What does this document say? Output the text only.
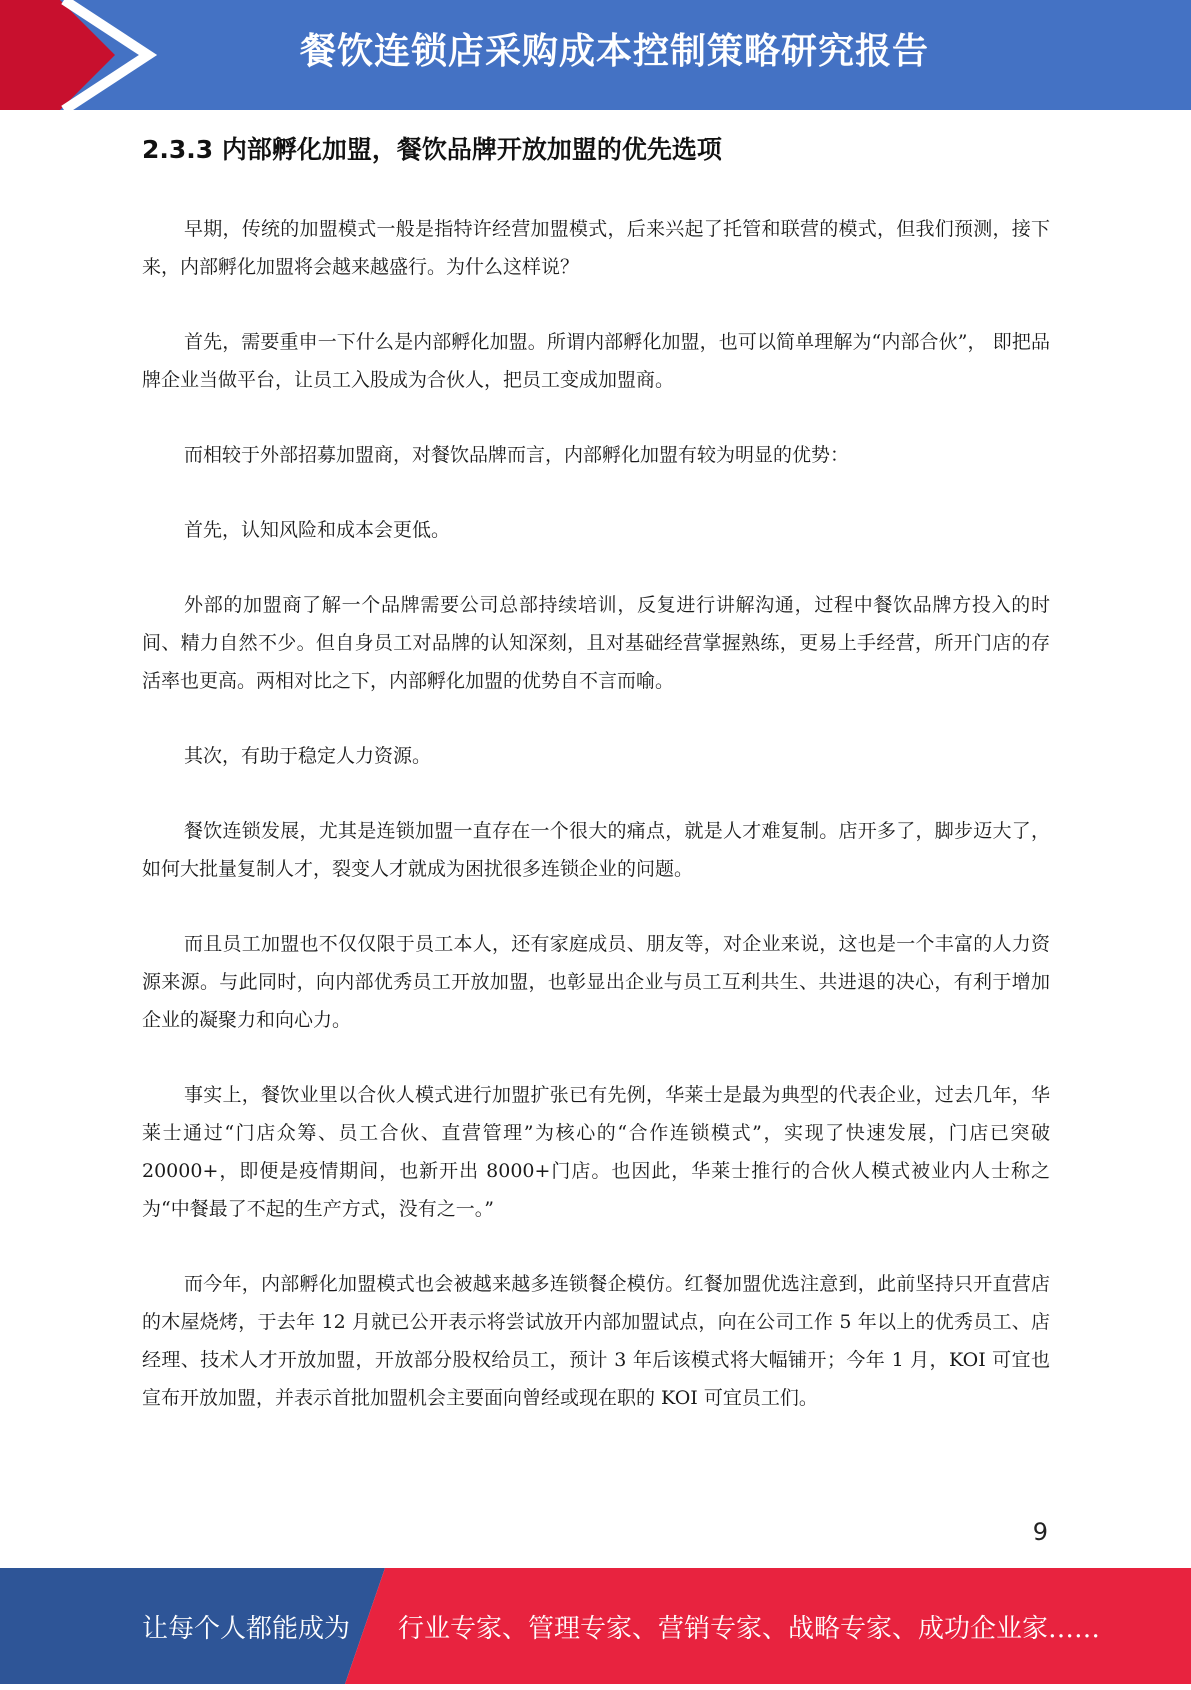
餐饮连锁店采购成本控制策略研究报告
2.3.3 内部孵化加盟，餐饮品牌开放加盟的优先选项

早期，传统的加盟模式一般是指特许经营加盟模式，后来兴起了托管和联营的模式，但我们预测，接下来，内部孵化加盟将会越来越盛行。为什么这样说？

首先，需要重申一下什么是内部孵化加盟。所谓内部孵化加盟，也可以简单理解为“内部合伙”， 即把品牌企业当做平台，让员工入股成为合伙人，把员工变成加盟商。

而相较于外部招募加盟商，对餐饮品牌而言，内部孵化加盟有较为明显的优势：

首先，认知风险和成本会更低。

外部的加盟商了解一个品牌需要公司总部持续培训，反复进行讲解沟通，过程中餐饮品牌方投入的时间、精力自然不少。但自身员工对品牌的认知深刻，且对基础经营掌握熟练，更易上手经营，所开门店的存活率也更高。两相对比之下，内部孵化加盟的优势自不言而喻。

其次，有助于稳定人力资源。

餐饮连锁发展，尤其是连锁加盟一直存在一个很大的痛点，就是人才难复制。店开多了，脚步迈大了，如何大批量复制人才，裂变人才就成为困扰很多连锁企业的问题。

而且员工加盟也不仅仅限于员工本人，还有家庭成员、朋友等，对企业来说，这也是一个丰富的人力资源来源。与此同时，向内部优秀员工开放加盟，也彰显出企业与员工互利共生、共进退的决心，有利于增加企业的凝聚力和向心力。

事实上，餐饮业里以合伙人模式进行加盟扩张已有先例，华莱士是最为典型的代表企业，过去几年，华莱士通过“门店众筹、员工合伙、直营管理”为核心的“合作连锁模式”，实现了快速发展，门店已突破 20000+，即便是疫情期间，也新开出 8000+门店。也因此，华莱士推行的合伙人模式被业内人士称之为“中餐最了不起的生产方式，没有之一。”

而今年，内部孵化加盟模式也会被越来越多连锁餐企模仿。红餐加盟优选注意到，此前坚持只开直营店的木屋烧烤，于去年 12 月就已公开表示将尝试放开内部加盟试点，向在公司工作 5 年以上的优秀员工、店经理、技术人才开放加盟，开放部分股权给员工，预计 3 年后该模式将大幅铺开；今年 1 月，KOI 可宜也宣布开放加盟，并表示首批加盟机会主要面向曾经或现在职的 KOI 可宜员工们。

9
让每个人都能成为 行业专家、管理专家、营销专家、战略专家、成功企业家……
